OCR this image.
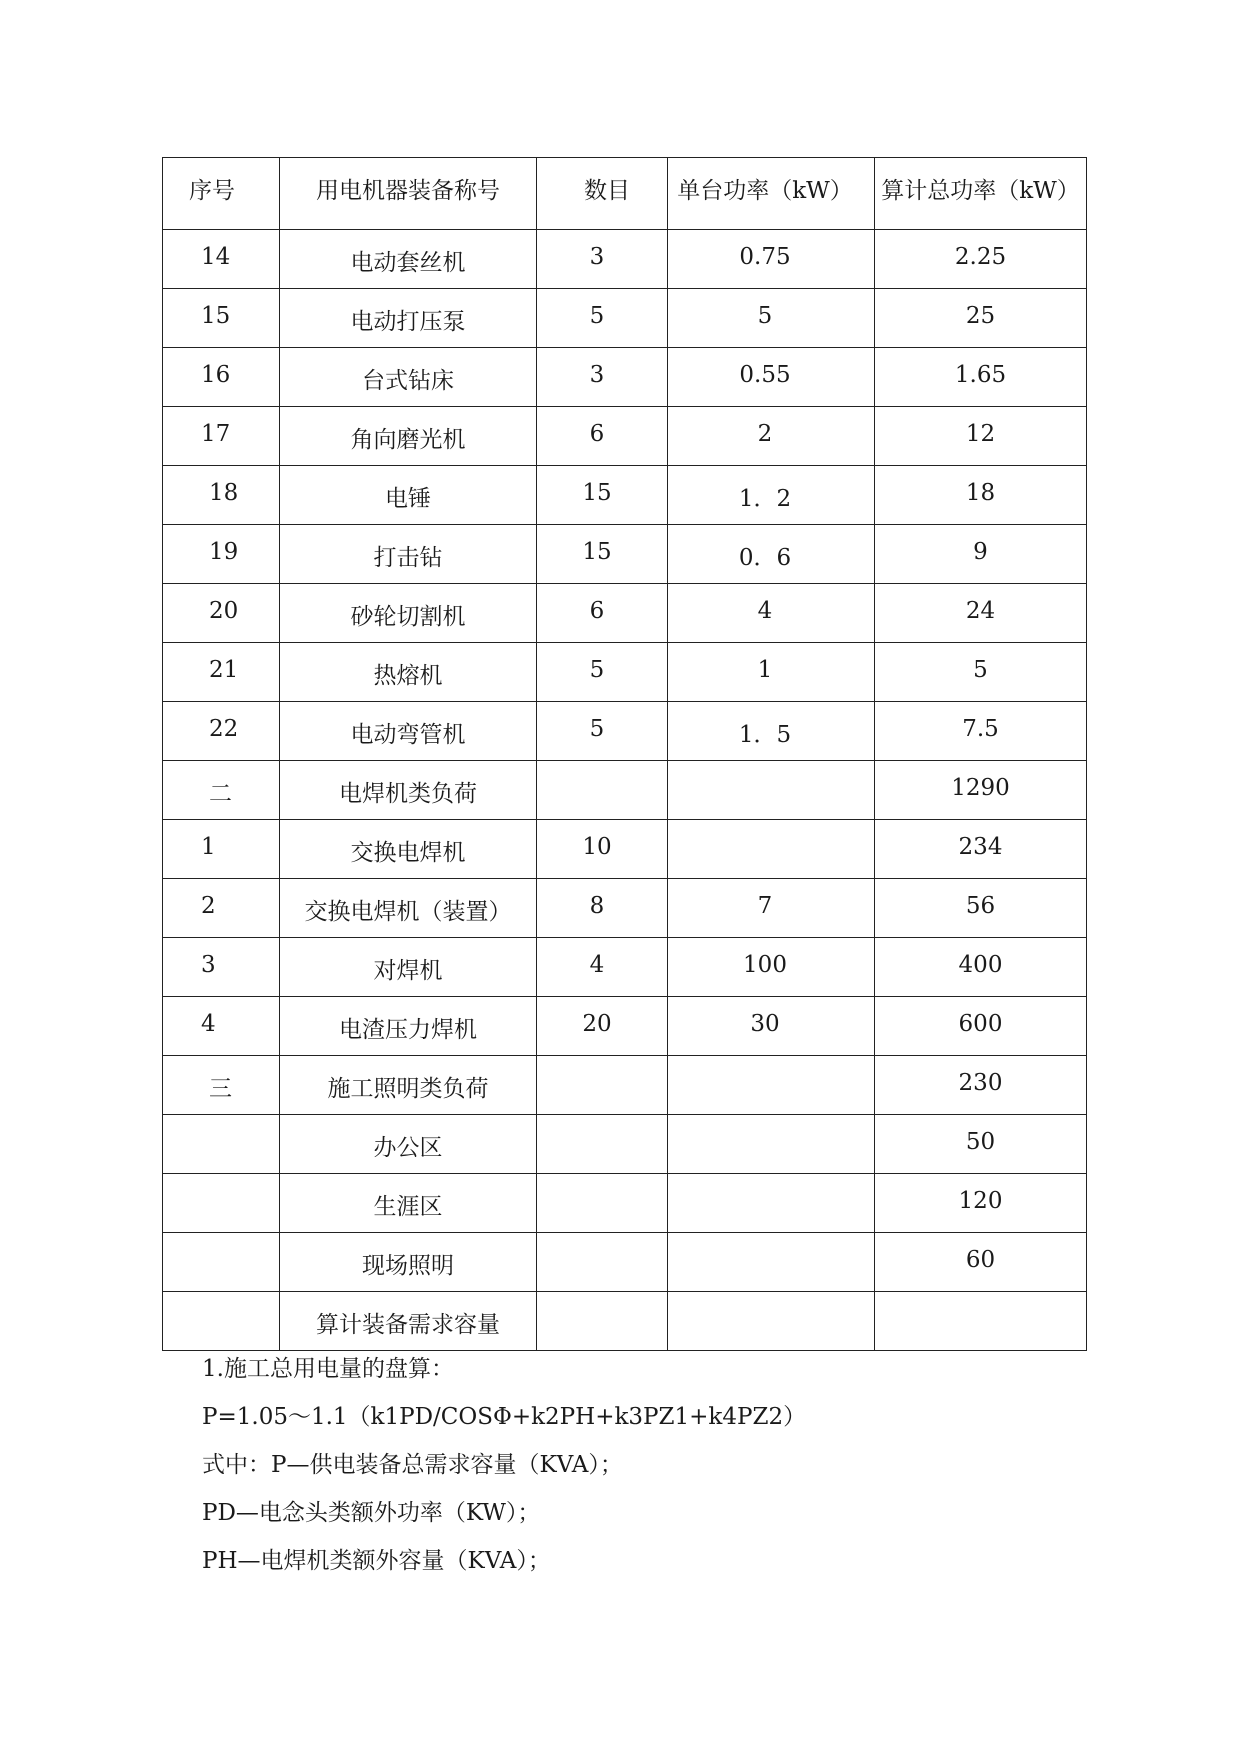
序号	用电机器装备称号	数目	单台功率（kW）	算计总功率（kW）

14	电动套丝机	3	0.75	2.25

15	电动打压泵	5	5	25

16	台式钻床	3	0.55	1.65

17	角向磨光机	6	2	12

18	电锤	15	1．2	18

19	打击钻	15	0．6	9

20	砂轮切割机	6	4	24

21	热熔机	5	1	5

22	电动弯管机	5	1．5	7.5

二	电焊机类负荷			1290

1	交换电焊机	10		234

2	交换电焊机（装置）	8	7	56

3	对焊机	4	100	400

4	电渣压力焊机	20	30	600

三	施工照明类负荷			230

	办公区			50

	生涯区			120

	现场照明			60

	算计装备需求容量			

1.施工总用电量的盘算：

P=1.05～1.1（k1PD/COSΦ+k2PH+k3PZ1+k4PZ2）

式中：P—供电装备总需求容量（KVA）；

PD—电念头类额外功率（KW）；

PH—电焊机类额外容量（KVA）；
